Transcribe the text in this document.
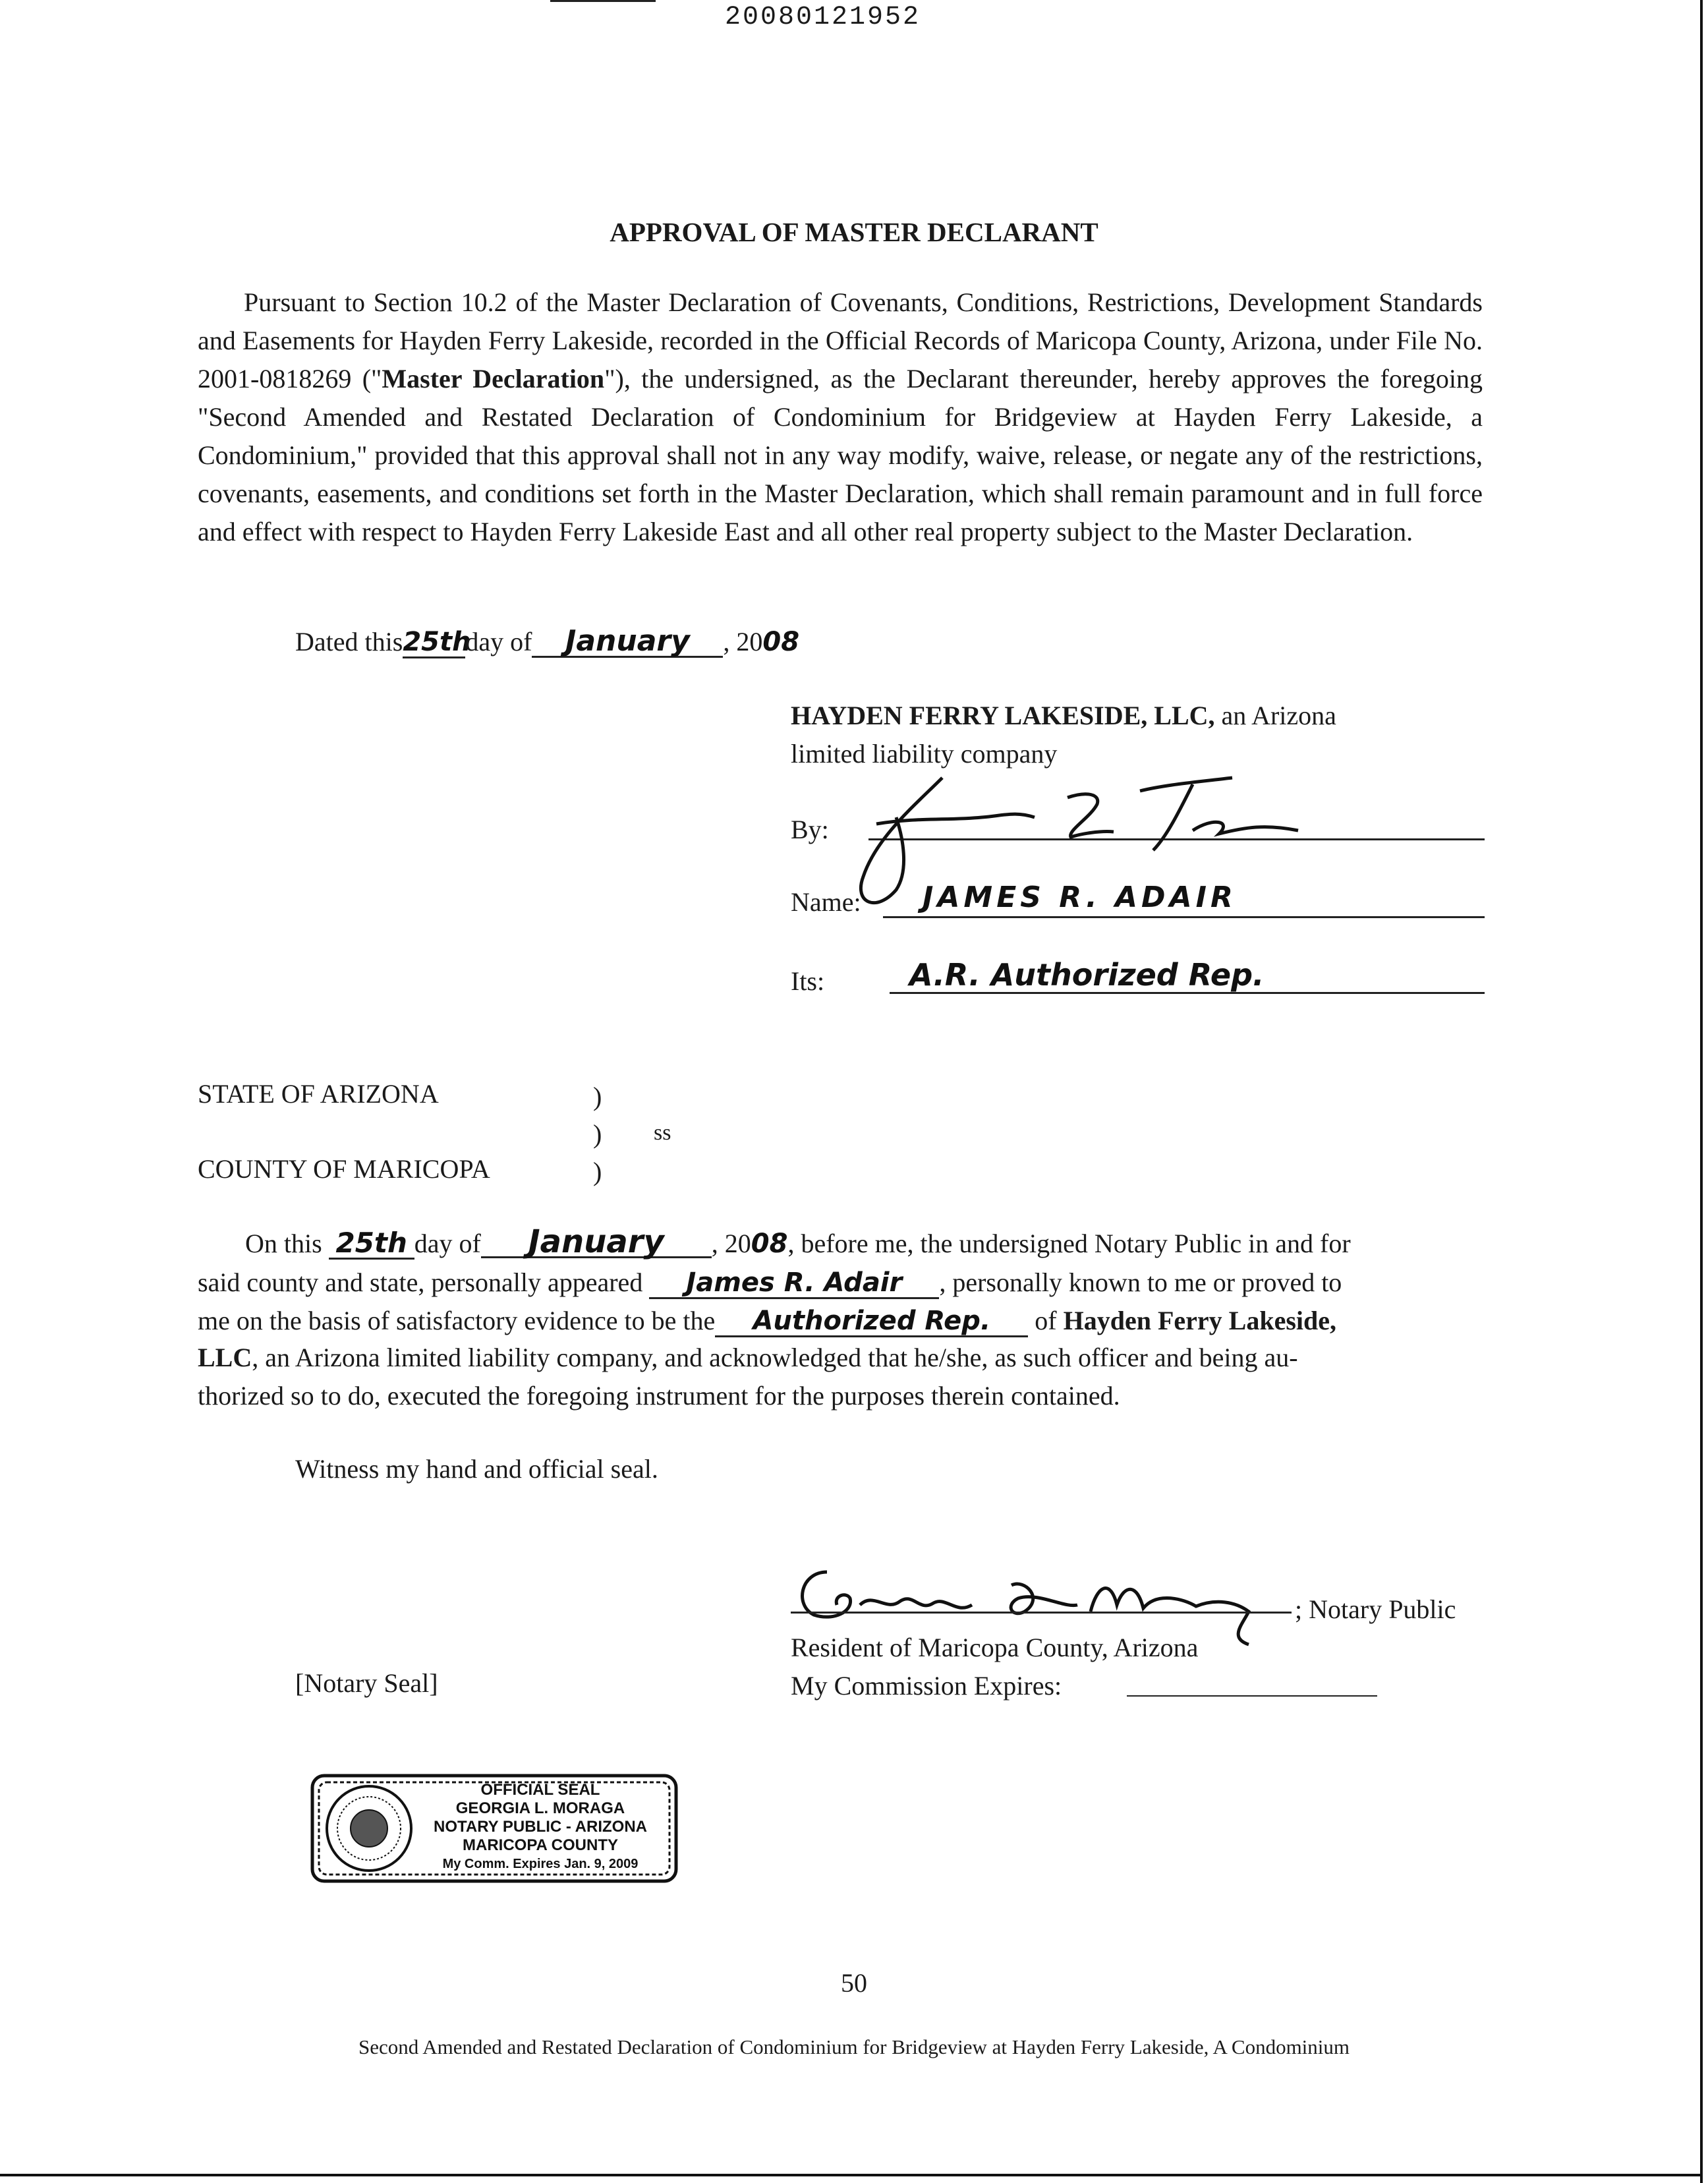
20080121952
APPROVAL OF MASTER DECLARANT
Pursuant to Section 10.2 of the Master Declaration of Covenants, Conditions, Restrictions, Development Standards and Easements for Hayden Ferry Lakeside, recorded in the Official Records of Maricopa County, Arizona, under File No. 2001-0818269 ("Master Declaration"), the undersigned, as the Declarant thereunder, hereby approves the foregoing "Second Amended and Restated Declaration of Condominium for Bridgeview at Hayden Ferry Lakeside, a Condominium," provided that this approval shall not in any way modify, waive, release, or negate any of the restrictions, covenants, easements, and conditions set forth in the Master Declaration, which shall remain paramount and in full force and effect with respect to Hayden Ferry Lakeside East and all other real property subject to the Master Declaration.
Dated this25thday of January , 2008
HAYDEN FERRY LAKESIDE, LLC, an Arizona
limited liability company
By:
Name: JAMES R. ADAIR
Its:	A.R. Authorized Rep.
STATE OF ARIZONA	)
) ss
COUNTY OF MARICOPA	)
On this 25th day of January , 2008, before me, the undersigned Notary Public in and for
said county and state, personally appeared James R. Adair , personally known to me or proved to
me on the basis of satisfactory evidence to be the Authorized Rep. of Hayden Ferry Lakeside,
LLC, an Arizona limited liability company, and acknowledged that he/she, as such officer and being au-
thorized so to do, executed the foregoing instrument for the purposes therein contained.
Witness my hand and official seal.
; Notary Public
Resident of Maricopa County, Arizona
My Commission Expires:
[Notary Seal]
OFFICIAL SEAL
GEORGIA L. MORAGA
NOTARY PUBLIC - ARIZONA
MARICOPA COUNTY
My Comm. Expires Jan. 9, 2009
50
Second Amended and Restated Declaration of Condominium for Bridgeview at Hayden Ferry Lakeside, A Condominium
